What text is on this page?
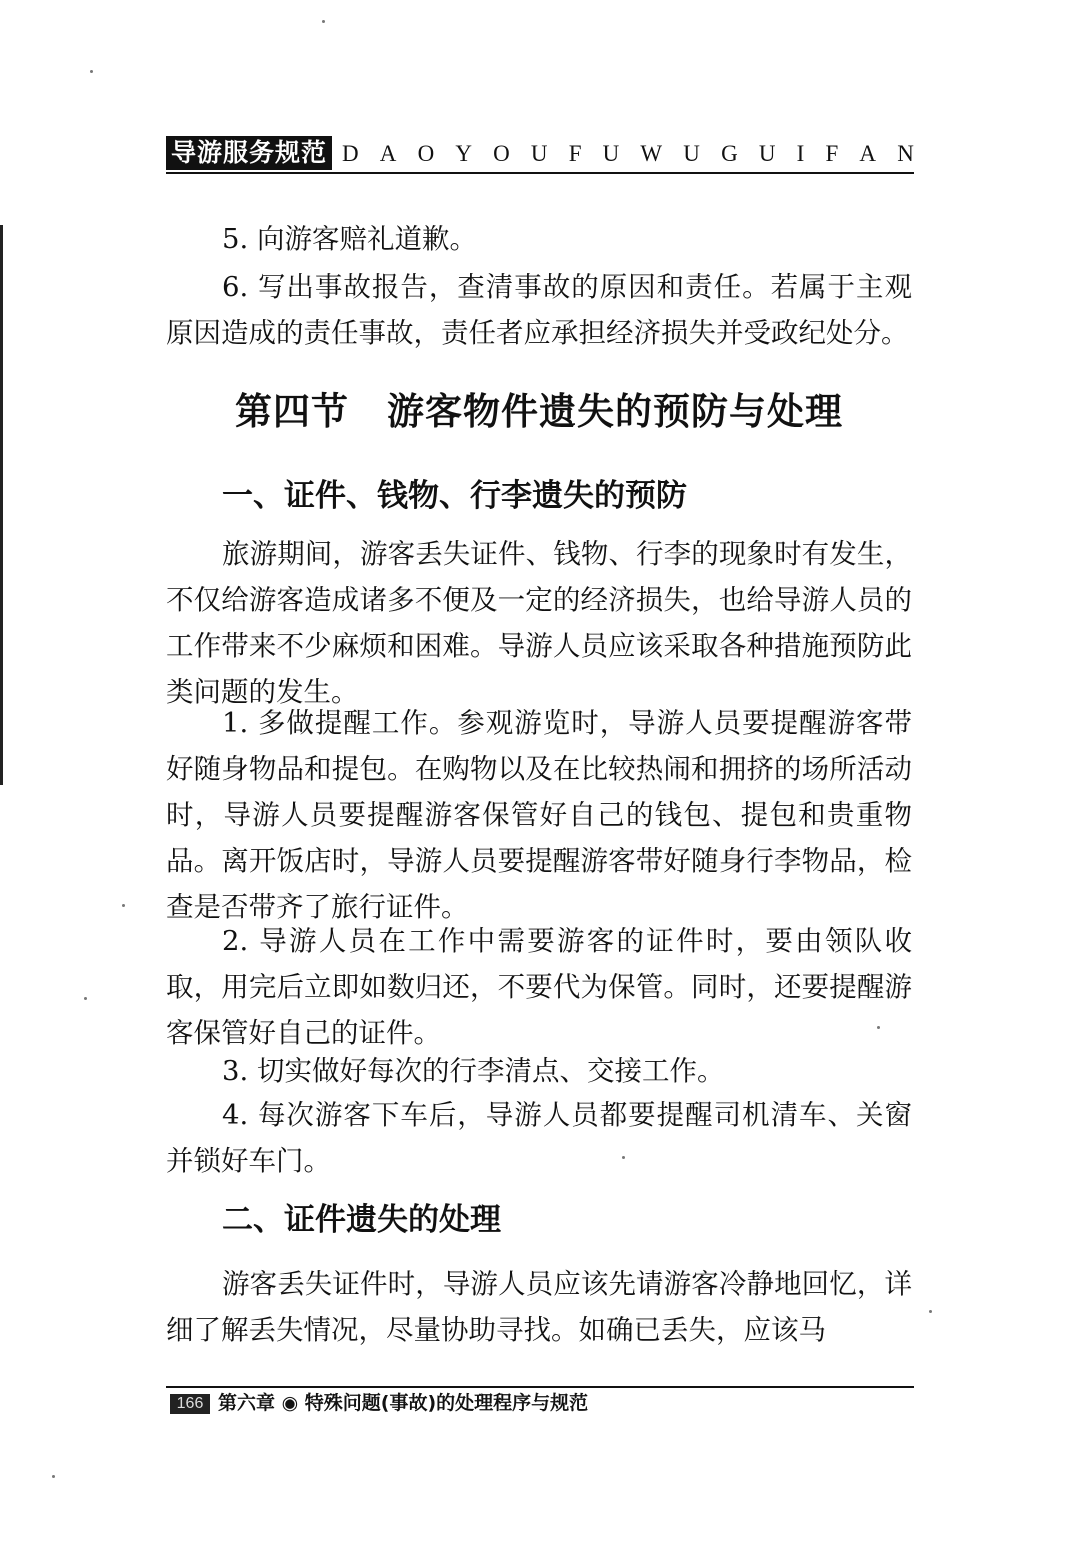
导游服务规范 D A O Y O U F U W U G U I F A N

5. 向游客赔礼道歉。

6. 写出事故报告，查清事故的原因和责任。若属于主观原因造成的责任事故，责任者应承担经济损失并受政纪处分。

第四节　游客物件遗失的预防与处理
一、证件、钱物、行李遗失的预防

旅游期间，游客丢失证件、钱物、行李的现象时有发生，不仅给游客造成诸多不便及一定的经济损失，也给导游人员的工作带来不少麻烦和困难。导游人员应该采取各种措施预防此类问题的发生。

1. 多做提醒工作。参观游览时，导游人员要提醒游客带好随身物品和提包。在购物以及在比较热闹和拥挤的场所活动时，导游人员要提醒游客保管好自己的钱包、提包和贵重物品。离开饭店时，导游人员要提醒游客带好随身行李物品，检查是否带齐了旅行证件。

2. 导游人员在工作中需要游客的证件时，要由领队收取，用完后立即如数归还，不要代为保管。同时，还要提醒游客保管好自己的证件。

3. 切实做好每次的行李清点、交接工作。

4. 每次游客下车后，导游人员都要提醒司机清车、关窗并锁好车门。

二、证件遗失的处理

游客丢失证件时，导游人员应该先请游客冷静地回忆，详细了解丢失情况，尽量协助寻找。如确已丢失，应该马

166 第六章 ◉ 特殊问题(事故)的处理程序与规范
